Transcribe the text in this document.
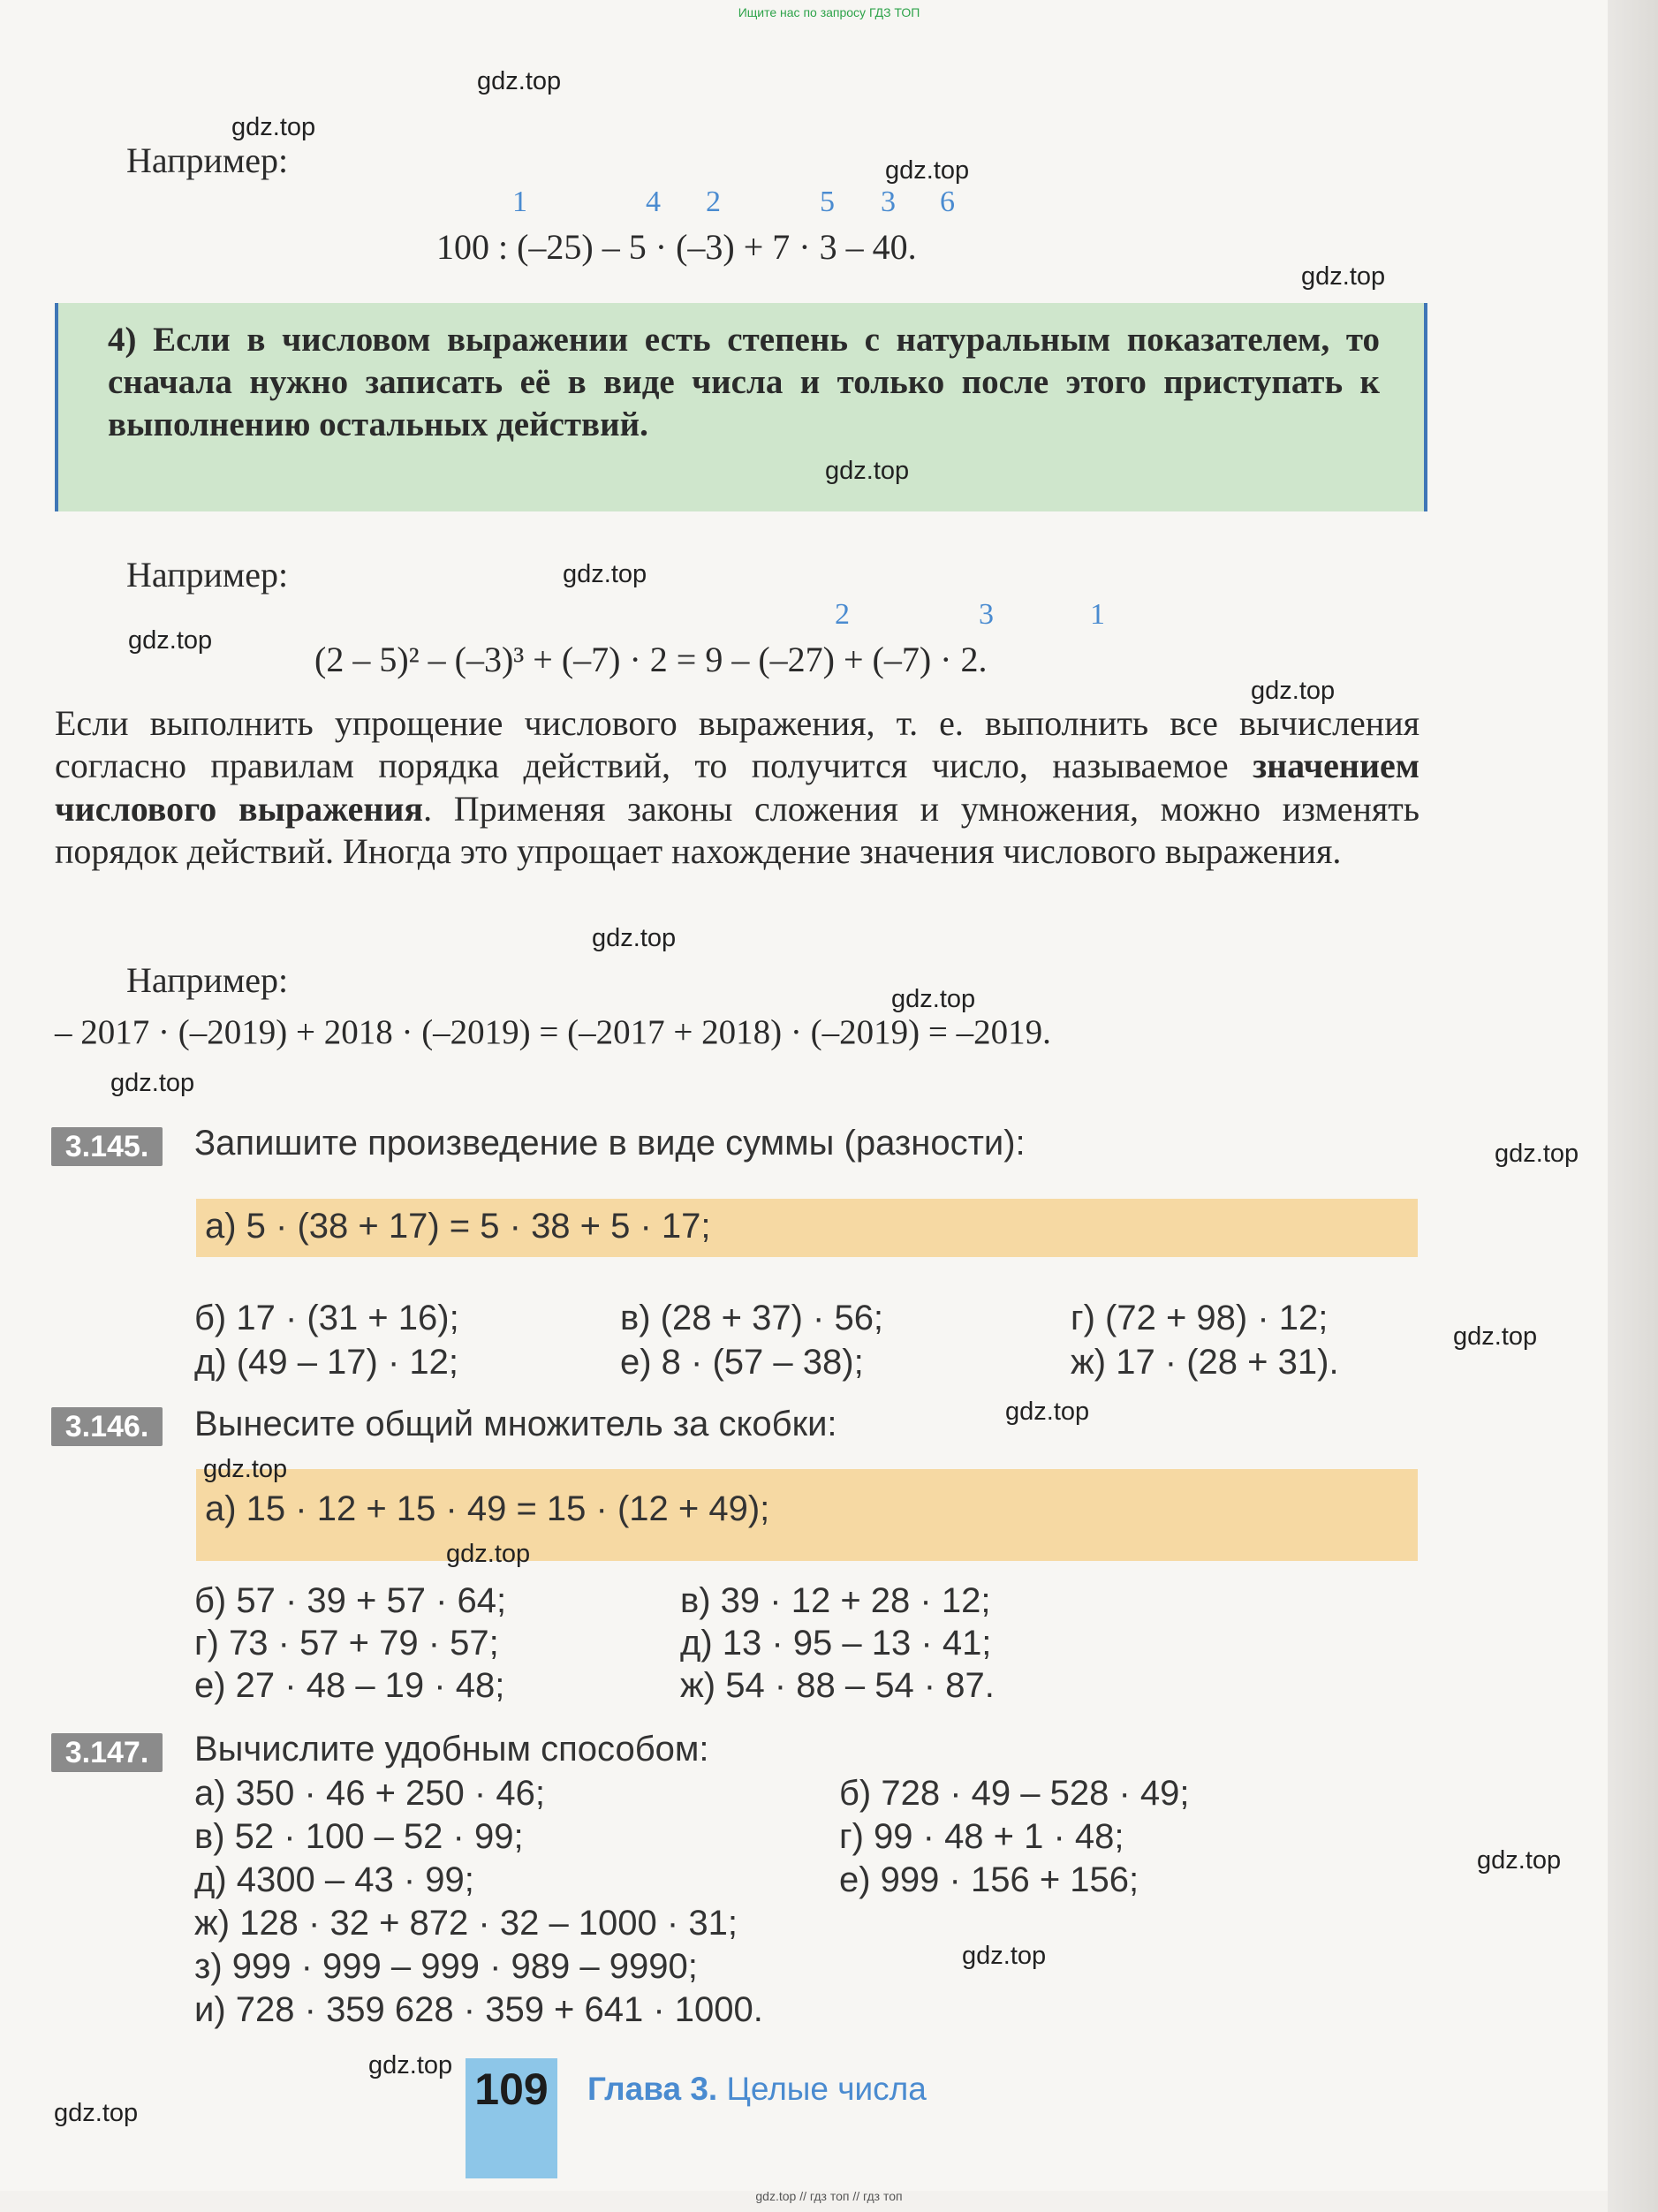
Ищите нас по запросу ГДЗ ТОП
Например:
1	4 2	5 3 6
100 : (–25) – 5 · (–3) + 7 · 3 – 40.
4) Если в числовом выражении есть степень с натуральным показателем, то сначала нужно записать её в виде числа и только после этого приступать к выполнению остальных действий.
Например:
2	3	1
(2 – 5)² – (–3)³ + (–7) · 2 = 9 – (–27) + (–7) · 2.
Если выполнить упрощение числового выражения, т. е. выполнить все вычисления согласно правилам порядка действий, то получится число, называемое значением числового выражения. Применяя законы сложения и умножения, можно изменять порядок действий. Иногда это упрощает нахождение значения числового выражения.
Например:
– 2017 · (–2019) + 2018 · (–2019) = (–2017 + 2018) · (–2019) = –2019.
3.145.	Запишите произведение в виде суммы (разности):
а) 5 · (38 + 17) = 5 · 38 + 5 · 17;
б) 17 · (31 + 16);	в) (28 + 37) · 56;	г) (72 + 98) · 12;
д) (49 – 17) · 12;	е) 8 · (57 – 38);	ж) 17 · (28 + 31).
3.146.	Вынесите общий множитель за скобки:
а) 15 · 12 + 15 · 49 = 15 · (12 + 49);
б) 57 · 39 + 57 · 64;	в) 39 · 12 + 28 · 12;
г) 73 · 57 + 79 · 57;	д) 13 · 95 – 13 · 41;
е) 27 · 48 – 19 · 48;	ж) 54 · 88 – 54 · 87.
3.147.	Вычислите удобным способом:
а) 350 · 46 + 250 · 46;	б) 728 · 49 – 528 · 49;
в) 52 · 100 – 52 · 99;	г) 99 · 48 + 1 · 48;
д) 4300 – 43 · 99;	е) 999 · 156 + 156;
ж) 128 · 32 + 872 · 32 – 1000 · 31;
з) 999 · 999 – 999 · 989 – 9990;
и) 728 · 359 628 · 359 + 641 · 1000.
109 Глава 3. Целые числа
gdz.top // гдз топ // гдз топ
gdz.top
gdz.top
gdz.top
gdz.top
gdz.top
gdz.top
gdz.top
gdz.top
gdz.top
gdz.top
gdz.top
gdz.top
gdz.top
gdz.top
gdz.top
gdz.top
gdz.top
gdz.top
gdz.top
gdz.top
